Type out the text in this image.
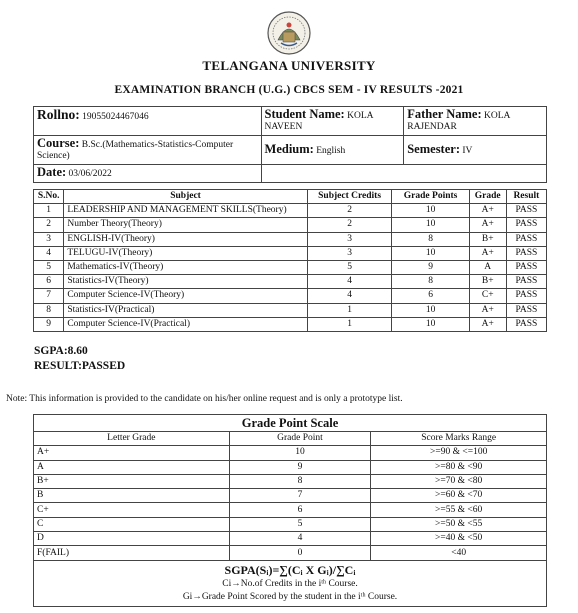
TELANGANA UNIVERSITY
EXAMINATION BRANCH (U.G.) CBCS SEM - IV RESULTS -2021
Rollno: 19055024467046	Student Name: KOLA NAVEEN	Father Name: KOLA RAJENDAR
Course: B.Sc.(Mathematics-Statistics-Computer Science)	Medium: English	Semester: IV
Date: 03/06/2022		
S.No.	Subject	Subject Credits	Grade Points	Grade	Result
1	LEADERSHIP AND MANAGEMENT SKILLS(Theory)	2	10	A+	PASS
2	Number Theory(Theory)	2	10	A+	PASS
3	ENGLISH-IV(Theory)	3	8	B+	PASS
4	TELUGU-IV(Theory)	3	10	A+	PASS
5	Mathematics-IV(Theory)	5	9	A	PASS
6	Statistics-IV(Theory)	4	8	B+	PASS
7	Computer Science-IV(Theory)	4	6	C+	PASS
8	Statistics-IV(Practical)	1	10	A+	PASS
9	Computer Science-IV(Practical)	1	10	A+	PASS
SGPA:8.60
RESULT:PASSED
Note: This information is provided to the candidate on his/her online request and is only a prototype list.
Grade Point Scale		
Letter Grade	Grade Point	Score Marks Range
A+	10	>=90 & <=100
A	9	>=80 & <90
B+	8	>=70 & <80
B	7	>=60 & <70
C+	6	>=55 & <60
C	5	>=50 & <55
D	4	>=40 & <50
F(FAIL)	0	<40

SGPA(Sᵢ)=∑(Cᵢ X Gᵢ)/∑Cᵢ
Ci→No.of Credits in the iᵗʰ Course.
Gi→Grade Point Scored by the student in the iᵗʰ Course.		
